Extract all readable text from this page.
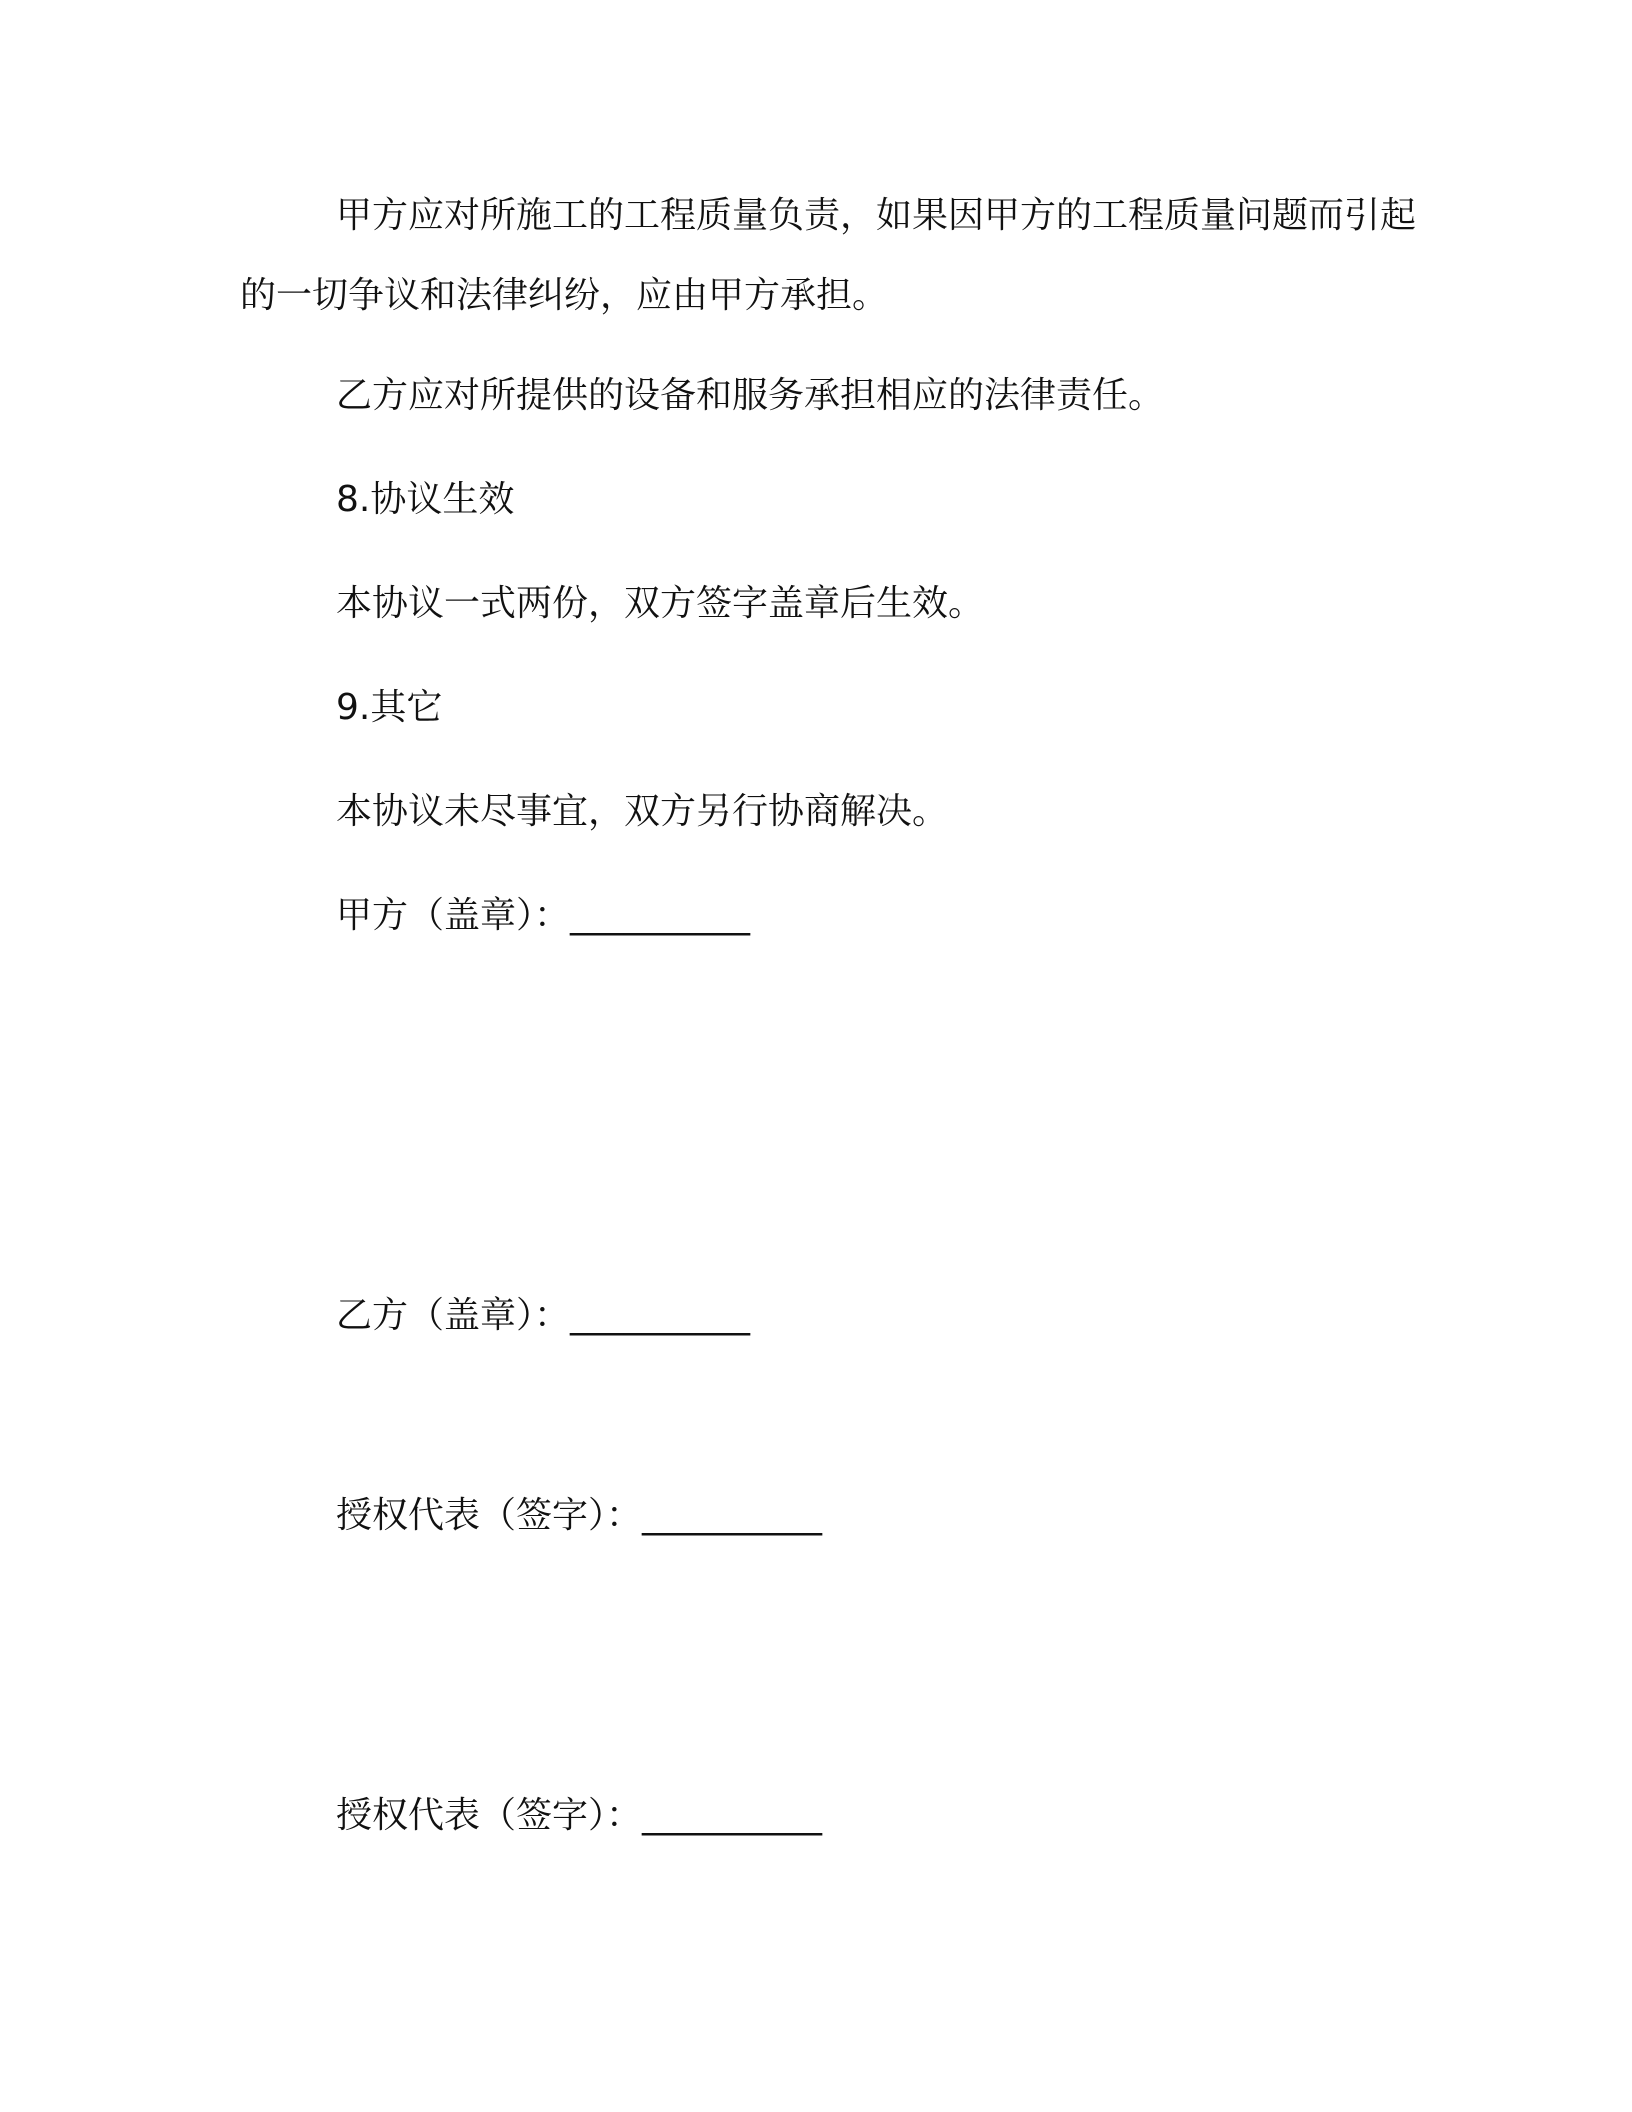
甲方应对所施工的工程质量负责，如果因甲方的工程质量问题而引起的一切争议和法律纠纷，应由甲方承担。
乙方应对所提供的设备和服务承担相应的法律责任。
8.协议生效
本协议一式两份，双方签字盖章后生效。
9.其它
本协议未尽事宜，双方另行协商解决。
甲方（盖章）：__________
乙方（盖章）：__________
授权代表（签字）：__________
授权代表（签字）：__________
